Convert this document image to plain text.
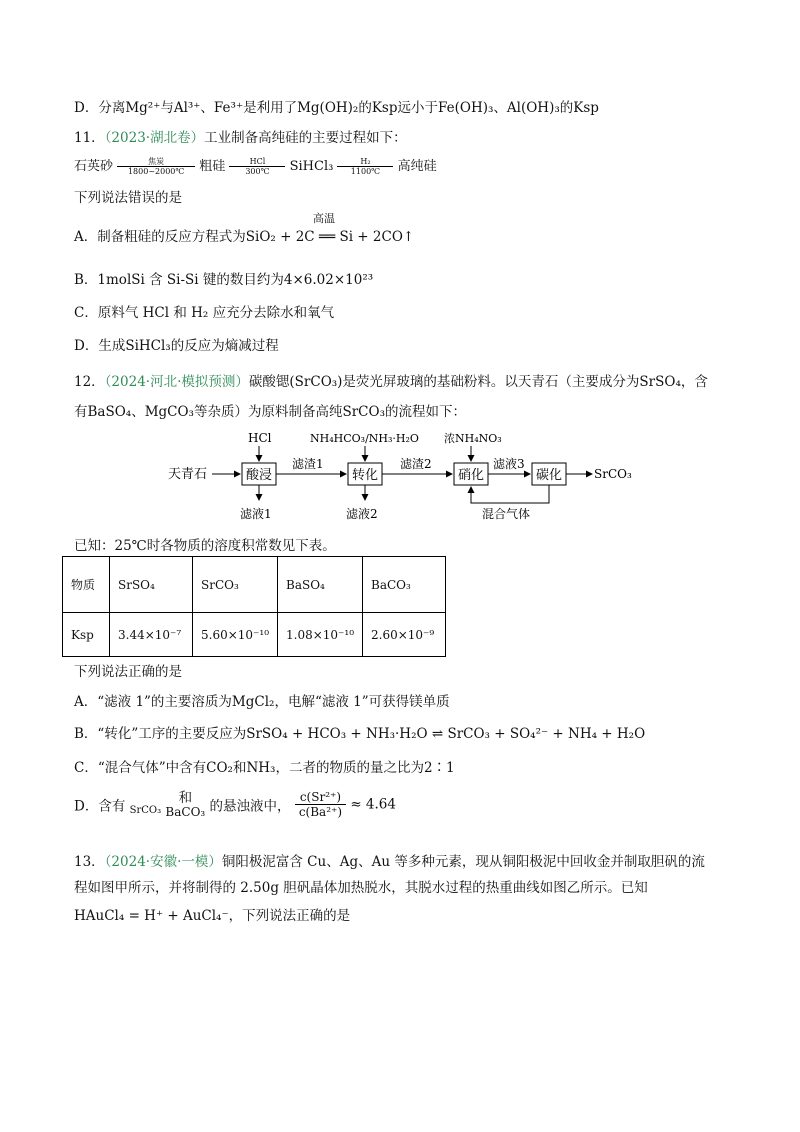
D．分离Mg²⁺与Al³⁺、Fe³⁺是利用了Mg(OH)₂的Ksp远小于Fe(OH)₃、Al(OH)₃的Ksp
11．（2023·湖北卷）工业制备高纯硅的主要过程如下：
石英砂	焦炭
1800~2000℃	粗硅	HCl
300℃	SiHCl₃ $\frac{\text{H₂}}{1100℃}$ 高纯硅
下列说法错误的是
A．制备粗硅的反应方程式为SiO₂ + 2C ══ Si + 2CO↑
高温
B．1molSi 含 Si-Si 键的数目约为4×6.02×10²³
C．原料气 HCl 和 H₂ 应充分去除水和氧气
D．生成SiHCl₃的反应为熵减过程
12．（2024·河北·模拟预测）碳酸锶(SrCO₃)是荧光屏玻璃的基础粉料。以天青石（主要成分为SrSO₄，含
有BaSO₄、MgCO₃等杂质）为原料制备高纯SrCO₃的流程如下：
天青石	酸浸
HCl
滤液1
滤渣1
转化
NH₄HCO₃/NH₃·H₂O
滤液2
滤渣2
硝化
浓NH₄NO₃
滤液3
碳化	SrCO₃
混合气体
已知：25℃时各物质的溶度积常数见下表。
物质	SrSO₄	SrCO₃	BaSO₄	BaCO₃
Ksp	3.44×10⁻⁷	5.60×10⁻¹⁰	1.08×10⁻¹⁰	2.60×10⁻⁹
下列说法正确的是
A．“滤液 1”的主要溶质为MgCl₂，电解“滤液 1”可获得镁单质
B．“转化”工序的主要反应为SrSO₄ + HCO₃ + NH₃·H₂O ⇌ SrCO₃ + SO₄²⁻ + NH₄ + H₂O
C．“混合气体”中含有CO₂和NH₃，二者的物质的量之比为2∶1
D．含有
SrCO₃

和
BaCO₃ 的悬浊液中， $\frac{\text{c(Sr²⁺)}}{\text{c(Ba²⁺)}} \approx 4.64$
13．（2024·安徽·一模）铜阳极泥富含 Cu、Ag、Au 等多种元素，现从铜阳极泥中回收金并制取胆矾的流
程如图甲所示，并将制得的 2.50g 胆矾晶体加热脱水，其脱水过程的热重曲线如图乙所示。已知
HAuCl₄ = H⁺ + AuCl₄⁻，下列说法正确的是
